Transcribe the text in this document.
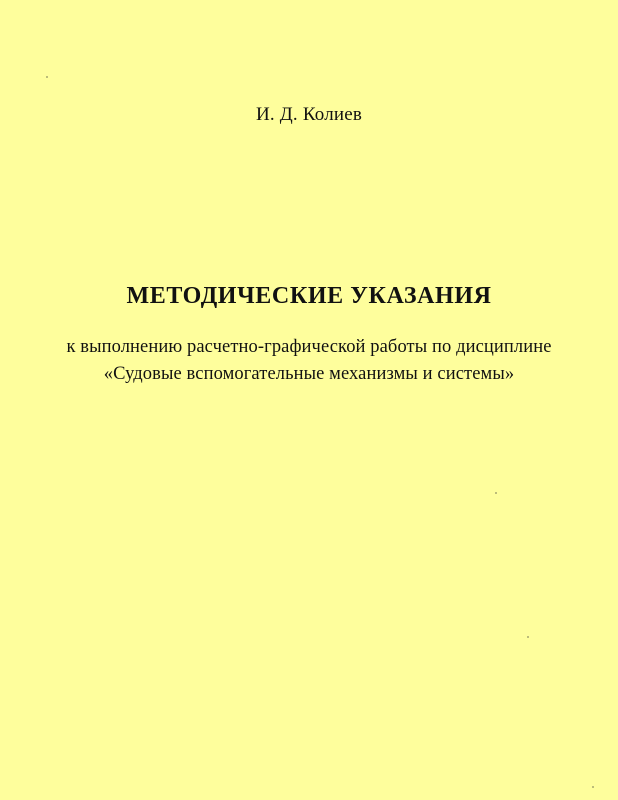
И. Д. Колиев
МЕТОДИЧЕСКИЕ УКАЗАНИЯ
к выполнению расчетно-графической работы по дисциплине
«Судовые вспомогательные механизмы и системы»
